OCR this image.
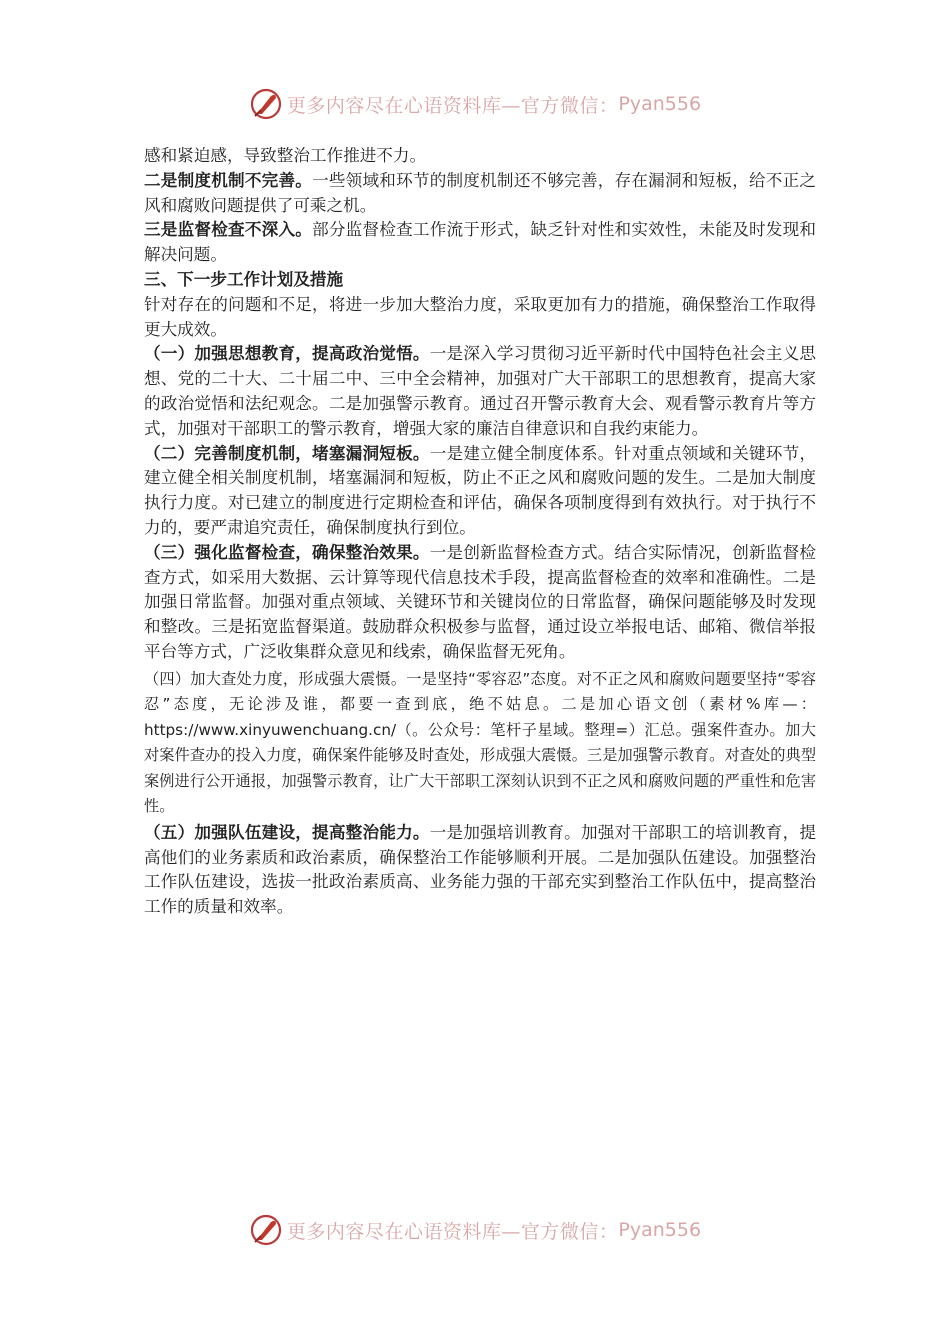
更多内容尽在心语资料库—官方微信： Pyan556

感和紧迫感，导致整治工作推进不力。

二是制度机制不完善。一些领域和环节的制度机制还不够完善，存在漏洞和短板，给不正之风和腐败问题提供了可乘之机。

三是监督检查不深入。部分监督检查工作流于形式，缺乏针对性和实效性，未能及时发现和解决问题。

三、下一步工作计划及措施

针对存在的问题和不足，将进一步加大整治力度，采取更加有力的措施，确保整治工作取得更大成效。

（一）加强思想教育，提高政治觉悟。一是深入学习贯彻习近平新时代中国特色社会主义思想、党的二十大、二十届二中、三中全会精神，加强对广大干部职工的思想教育，提高大家的政治觉悟和法纪观念。二是加强警示教育。通过召开警示教育大会、观看警示教育片等方式，加强对干部职工的警示教育，增强大家的廉洁自律意识和自我约束能力。

（二）完善制度机制，堵塞漏洞短板。一是建立健全制度体系。针对重点领域和关键环节，建立健全相关制度机制，堵塞漏洞和短板，防止不正之风和腐败问题的发生。二是加大制度执行力度。对已建立的制度进行定期检查和评估，确保各项制度得到有效执行。对于执行不力的，要严肃追究责任，确保制度执行到位。

（三）强化监督检查，确保整治效果。一是创新监督检查方式。结合实际情况，创新监督检查方式，如采用大数据、云计算等现代信息技术手段，提高监督检查的效率和准确性。二是加强日常监督。加强对重点领域、关键环节和关键岗位的日常监督，确保问题能够及时发现和整改。三是拓宽监督渠道。鼓励群众积极参与监督，通过设立举报电话、邮箱、微信举报平台等方式，广泛收集群众意见和线索，确保监督无死角。

（四）加大查处力度，形成强大震慑。一是坚持“零容忍”态度。对不正之风和腐败问题要坚持“零容忍”态度，无论涉及谁，都要一查到底，绝不姑息。二是加心语文创（素材%库—：https://www.xinyuwenchuang.cn/（。公众号：笔杆子星域。整理=）汇总。强案件查办。加大对案件查办的投入力度，确保案件能够及时查处，形成强大震慑。三是加强警示教育。对查处的典型案例进行公开通报，加强警示教育，让广大干部职工深刻认识到不正之风和腐败问题的严重性和危害性。

（五）加强队伍建设，提高整治能力。一是加强培训教育。加强对干部职工的培训教育，提高他们的业务素质和政治素质，确保整治工作能够顺利开展。二是加强队伍建设。加强整治工作队伍建设，选拔一批政治素质高、业务能力强的干部充实到整治工作队伍中，提高整治工作的质量和效率。

更多内容尽在心语资料库—官方微信： Pyan556
